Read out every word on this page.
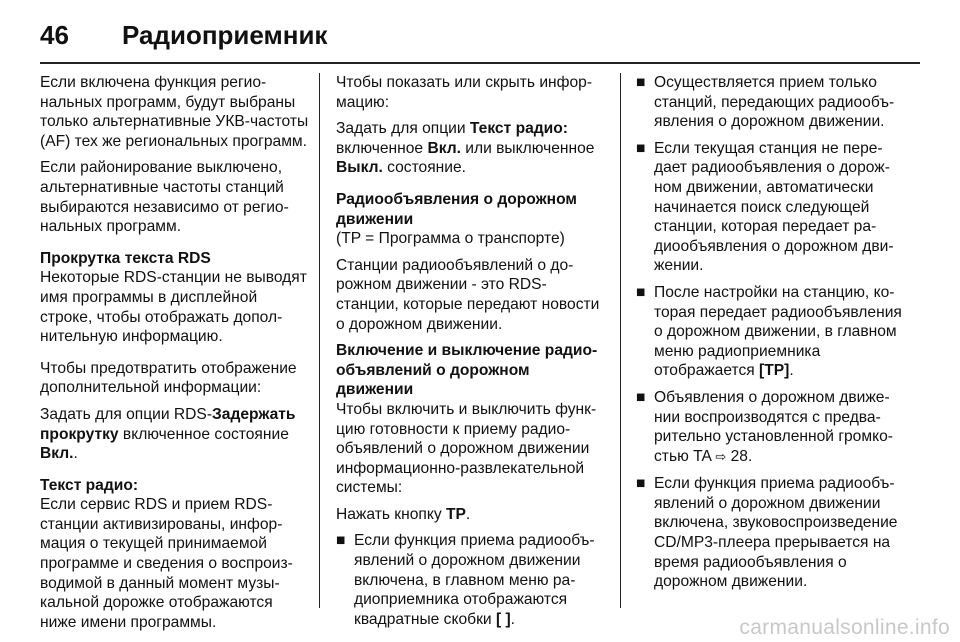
46 Радиоприемник

Если включена функция региональных программ, будут выбраны только альтернативные УКВ-частоты (AF) тех же региональных программ.

Если районирование выключено, альтернативные частоты станций выбираются независимо от региональных программ.

Прокрутка текста RDS
Некоторые RDS-станции не выводят имя программы в дисплейной строке, чтобы отображать дополнительную информацию.

Чтобы предотвратить отображение дополнительной информации:

Задать для опции RDS-Задержать прокрутку включенное состояние Вкл..

Текст радио:
Если сервис RDS и прием RDS-станции активизированы, информация о текущей принимаемой программе и сведения о воспроизводимой в данный момент музыкальной дорожке отображаются ниже имени программы.

Чтобы показать или скрыть информацию:

Задать для опции Текст радио: включенное Вкл. или выключенное Выкл. состояние.

Радиообъявления о дорожном движении
(TP = Программа о транспорте)

Станции радиообъявлений о дорожном движении - это RDS-станции, которые передают новости о дорожном движении.

Включение и выключение радиообъявлений о дорожном движении
Чтобы включить и выключить функцию готовности к приему радиообъявлений о дорожном движении информационно-развлекательной системы:

Нажать кнопку TP.

■ Если функция приема радиообъявлений о дорожном движении включена, в главном меню радиоприемника отображаются квадратные скобки [ ].
■ Осуществляется прием только станций, передающих радиообъявления о дорожном движении.
■ Если текущая станция не передает радиообъявления о дорожном движении, автоматически начинается поиск следующей станции, которая передает радиообъявления о дорожном движении.
■ После настройки на станцию, которая передает радиообъявления о дорожном движении, в главном меню радиоприемника отображается [TP].
■ Объявления о дорожном движении воспроизводятся с предварительно установленной громкостью TA ⇨ 28.
■ Если функция приема радиообъявлений о дорожном движении включена, звуковоспроизведение CD/MP3-плеера прерывается на время радиообъявления о дорожном движении.
carmanualsonline.info
